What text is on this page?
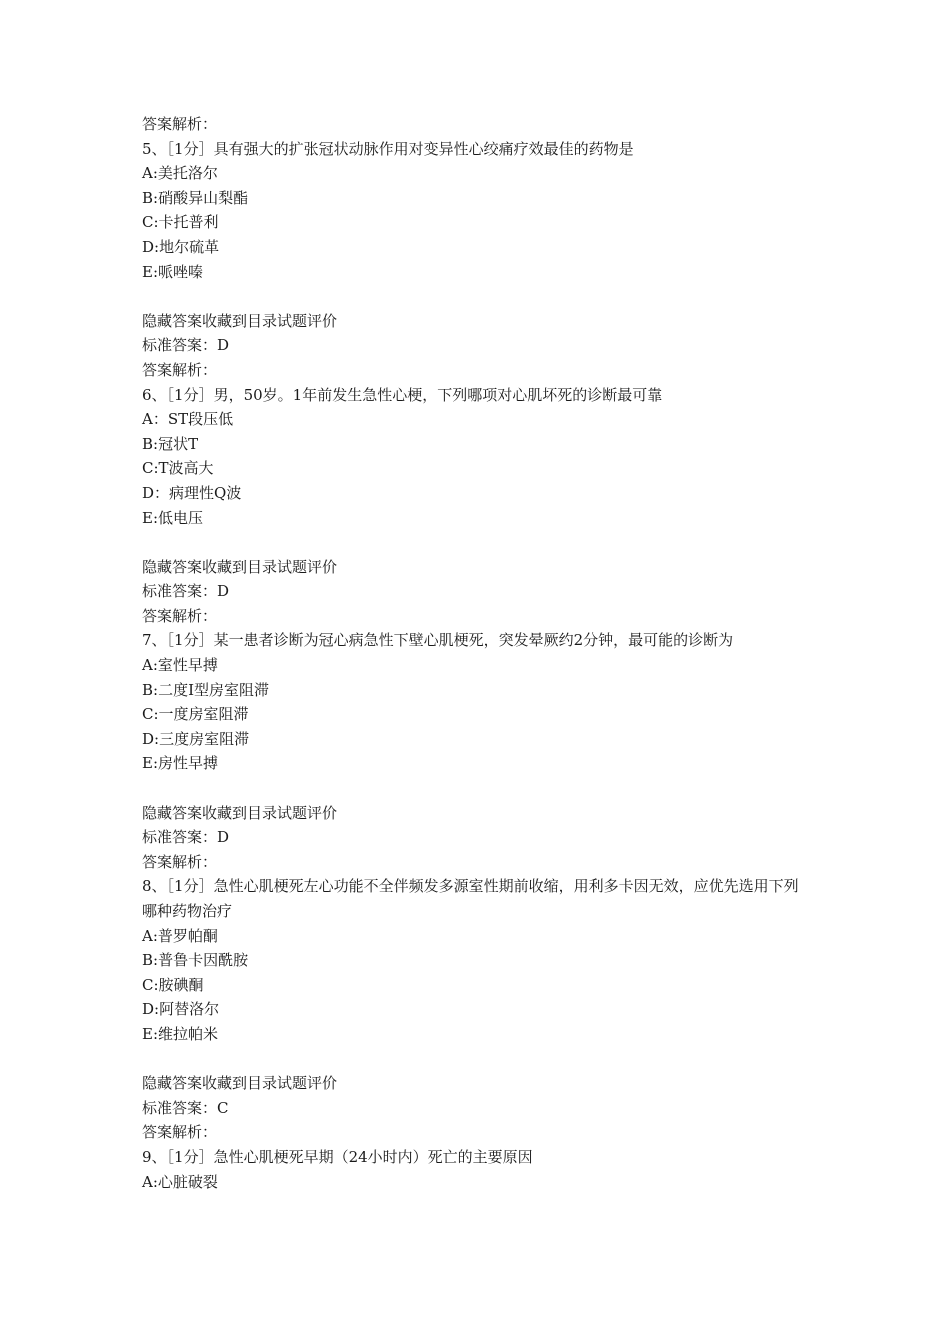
答案解析：
5、［1分］具有强大的扩张冠状动脉作用对变异性心绞痛疗效最佳的药物是
A:美托洛尔
B:硝酸异山梨酯
C:卡托普利
D:地尔硫革
E:哌唑嗪
隐藏答案收藏到目录试题评价
标准答案：D
答案解析：
6、［1分］男，50岁。1年前发生急性心梗，下列哪项对心肌坏死的诊断最可靠
A：ST段压低
B:冠状T
C:T波高大
D：病理性Q波
E:低电压
隐藏答案收藏到目录试题评价
标准答案：D
答案解析：
7、［1分］某一患者诊断为冠心病急性下壁心肌梗死，突发晕厥约2分钟，最可能的诊断为
A:室性早搏
B:二度Ⅰ型房室阻滞
C:一度房室阻滞
D:三度房室阻滞
E:房性早搏
隐藏答案收藏到目录试题评价
标准答案：D
答案解析：
8、［1分］急性心肌梗死左心功能不全伴频发多源室性期前收缩，用利多卡因无效，应优先选用下列哪种药物治疗
A:普罗帕酮
B:普鲁卡因酰胺
C:胺碘酮
D:阿替洛尔
E:维拉帕米
隐藏答案收藏到目录试题评价
标准答案：C
答案解析：
9、［1分］急性心肌梗死早期（24小时内）死亡的主要原因
A:心脏破裂
